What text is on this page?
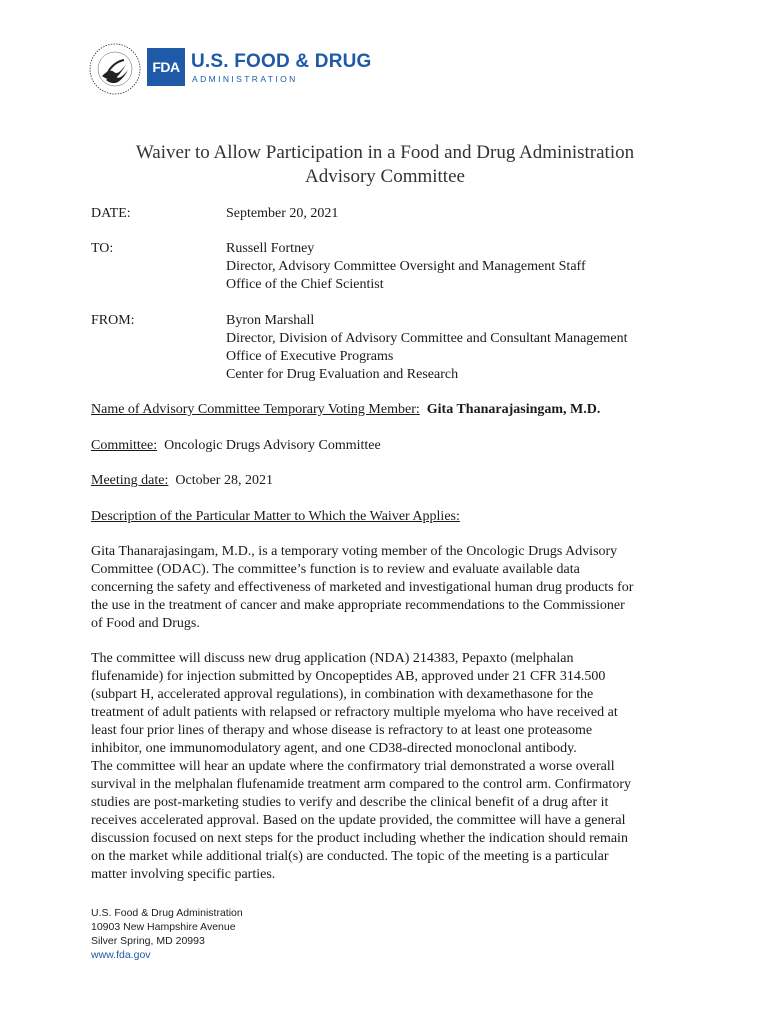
FDA U.S. FOOD & DRUG
ADMINISTRATION
Waiver to Allow Participation in a Food and Drug Administration
Advisory Committee
DATE:	September 20, 2021
TO:	Russell Fortney
Director, Advisory Committee Oversight and Management Staff
Office of the Chief Scientist
FROM:	Byron Marshall
Director, Division of Advisory Committee and Consultant Management
Office of Executive Programs
Center for Drug Evaluation and Research
Name of Advisory Committee Temporary Voting Member: Gita Thanarajasingam, M.D.
Committee: Oncologic Drugs Advisory Committee
Meeting date: October 28, 2021
Description of the Particular Matter to Which the Waiver Applies:
Gita Thanarajasingam, M.D., is a temporary voting member of the Oncologic Drugs Advisory
Committee (ODAC). The committee’s function is to review and evaluate available data
concerning the safety and effectiveness of marketed and investigational human drug products for
the use in the treatment of cancer and make appropriate recommendations to the Commissioner
of Food and Drugs.
The committee will discuss new drug application (NDA) 214383, Pepaxto (melphalan
flufenamide) for injection submitted by Oncopeptides AB, approved under 21 CFR 314.500
(subpart H, accelerated approval regulations), in combination with dexamethasone for the
treatment of adult patients with relapsed or refractory multiple myeloma who have received at
least four prior lines of therapy and whose disease is refractory to at least one proteasome
inhibitor, one immunomodulatory agent, and one CD38-directed monoclonal antibody.
The committee will hear an update where the confirmatory trial demonstrated a worse overall
survival in the melphalan flufenamide treatment arm compared to the control arm. Confirmatory
studies are post-marketing studies to verify and describe the clinical benefit of a drug after it
receives accelerated approval. Based on the update provided, the committee will have a general
discussion focused on next steps for the product including whether the indication should remain
on the market while additional trial(s) are conducted. The topic of the meeting is a particular
matter involving specific parties.
U.S. Food & Drug Administration
10903 New Hampshire Avenue
Silver Spring, MD 20993
www.fda.gov
